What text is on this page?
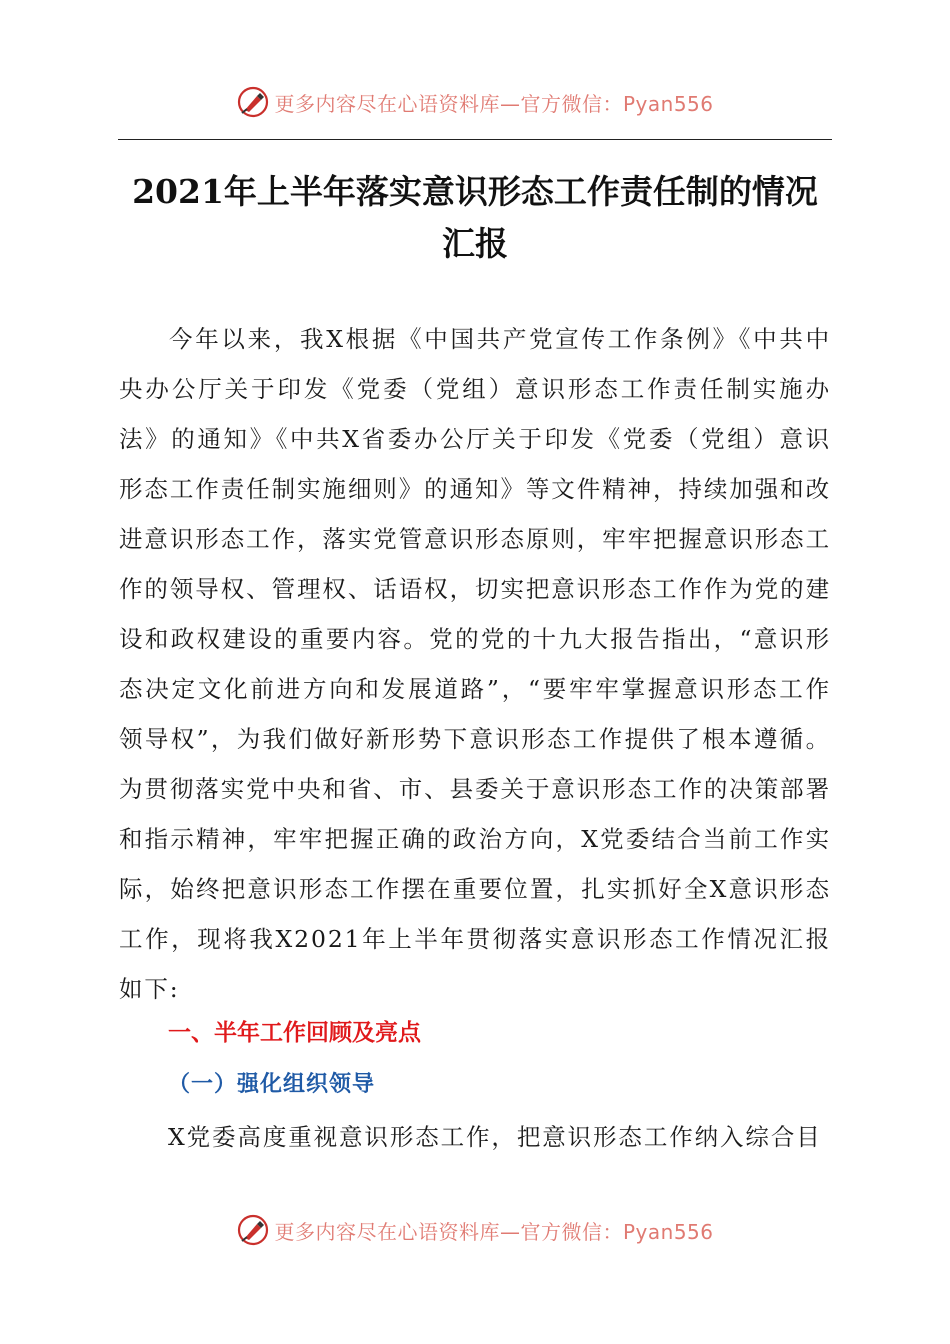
更多内容尽在心语资料库—官方微信：Pyan556
2021年上半年落实意识形态工作责任制的情况汇报

今年以来，我X根据《中国共产党宣传工作条例》《中共中央办公厅关于印发《党委（党组）意识形态工作责任制实施办法》的通知》《中共X省委办公厅关于印发《党委（党组）意识形态工作责任制实施细则》的通知》等文件精神，持续加强和改进意识形态工作，落实党管意识形态原则，牢牢把握意识形态工作的领导权、管理权、话语权，切实把意识形态工作作为党的建设和政权建设的重要内容。党的党的十九大报告指出，“意识形态决定文化前进方向和发展道路”，“要牢牢掌握意识形态工作领导权”，为我们做好新形势下意识形态工作提供了根本遵循。为贯彻落实党中央和省、市、县委关于意识形态工作的决策部署和指示精神，牢牢把握正确的政治方向，X党委结合当前工作实际，始终把意识形态工作摆在重要位置，扎实抓好全X意识形态工作，现将我X2021年上半年贯彻落实意识形态工作情况汇报如下:

一、半年工作回顾及亮点
（一）强化组织领导

X党委高度重视意识形态工作，把意识形态工作纳入综合目

更多内容尽在心语资料库—官方微信：Pyan556
